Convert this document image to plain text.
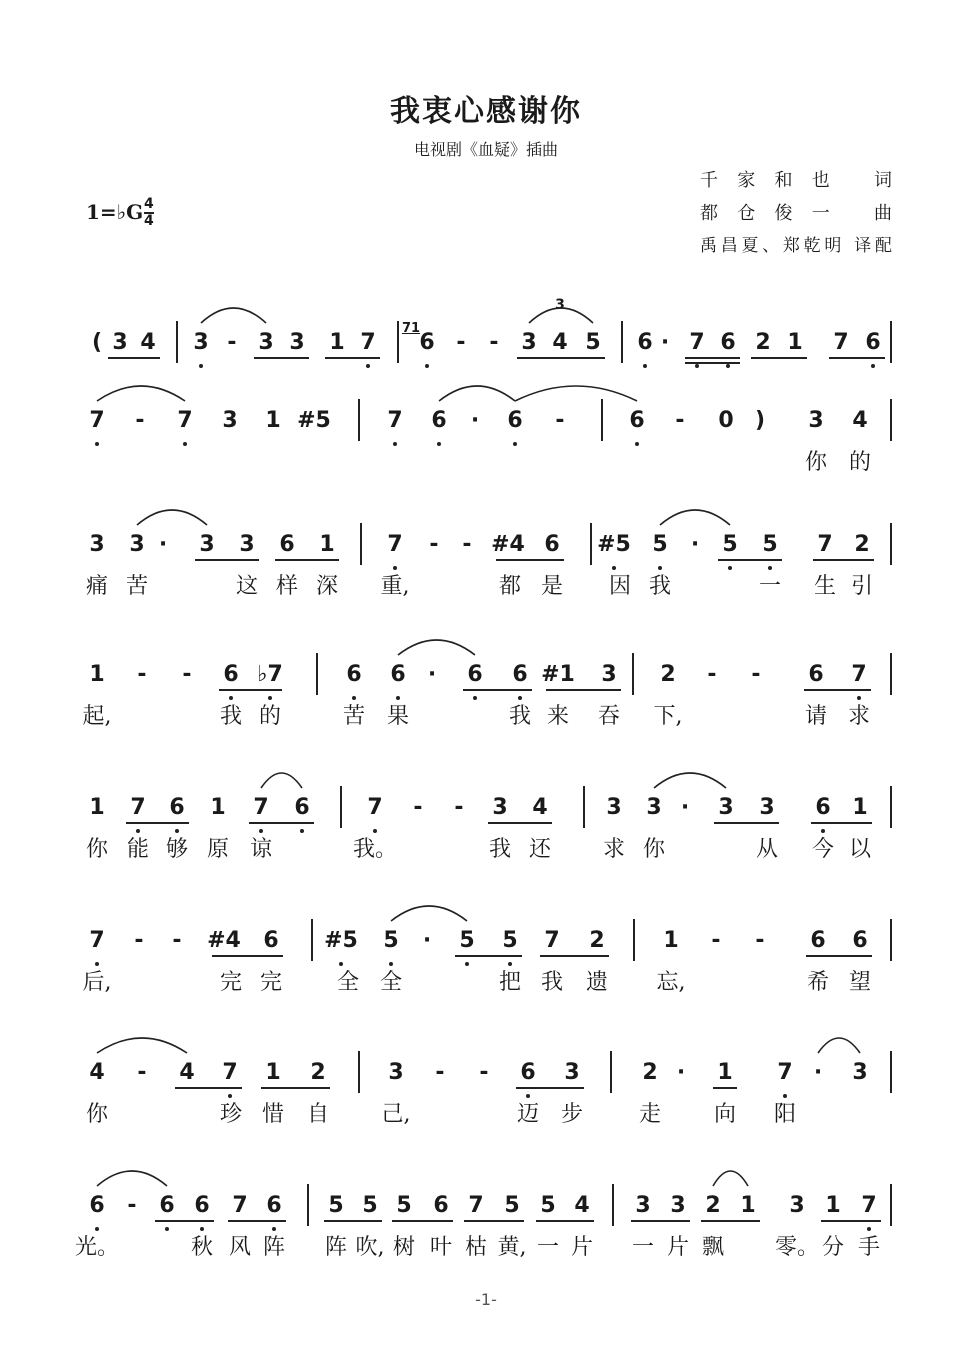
我衷心感谢你
电视剧《血疑》插曲
千家和也 词
都仓俊一 曲
禹昌夏、郑乾明 译配
1=♭G 4
4
( 3 4 3 - 3 3 1 7
71
6 - - 3 4 5 6 · 7 6 2 1 7 6
3
7 - 7 3 1 #5	7 6 · 6 -	6 - 0 ) 3 4
你 的
3 3 · 3 3 6 1 7 - - #4 6 #5 5 · 5 5 7 2
痛 苦	这 样 深 重,	都 是 因 我	一 生 引
1 - - 6 ♭7	6 6 · 6 6 #1 3 2 - - 6 7
起,	我 的	苦 果	我 来 吞 下,	请 求
1 7 6 1 7 6	7 - - 3 4	3 3 · 3 3 6 1
你 能 够 原 谅	我。	我 还 求 你	从 今 以
7 - - #4 6 #5 5 · 5 5 7 2	1 - - 6 6
后,	完 完 全 全	把 我 遗 忘,	希 望
4 - 4 7 1 2	3 - - 6 3	2 · 1 7 · 3
你	珍 惜 自 己,	迈 步	走 向 阳
6 - 6 6 7 6 5 5 5 6 7 5 5 4 3 3 2 1 3 1 7
光。	秋 风 阵 阵 吹, 树 叶 枯 黄, 一 片 一 片 飘 零。 分 手
-1-
